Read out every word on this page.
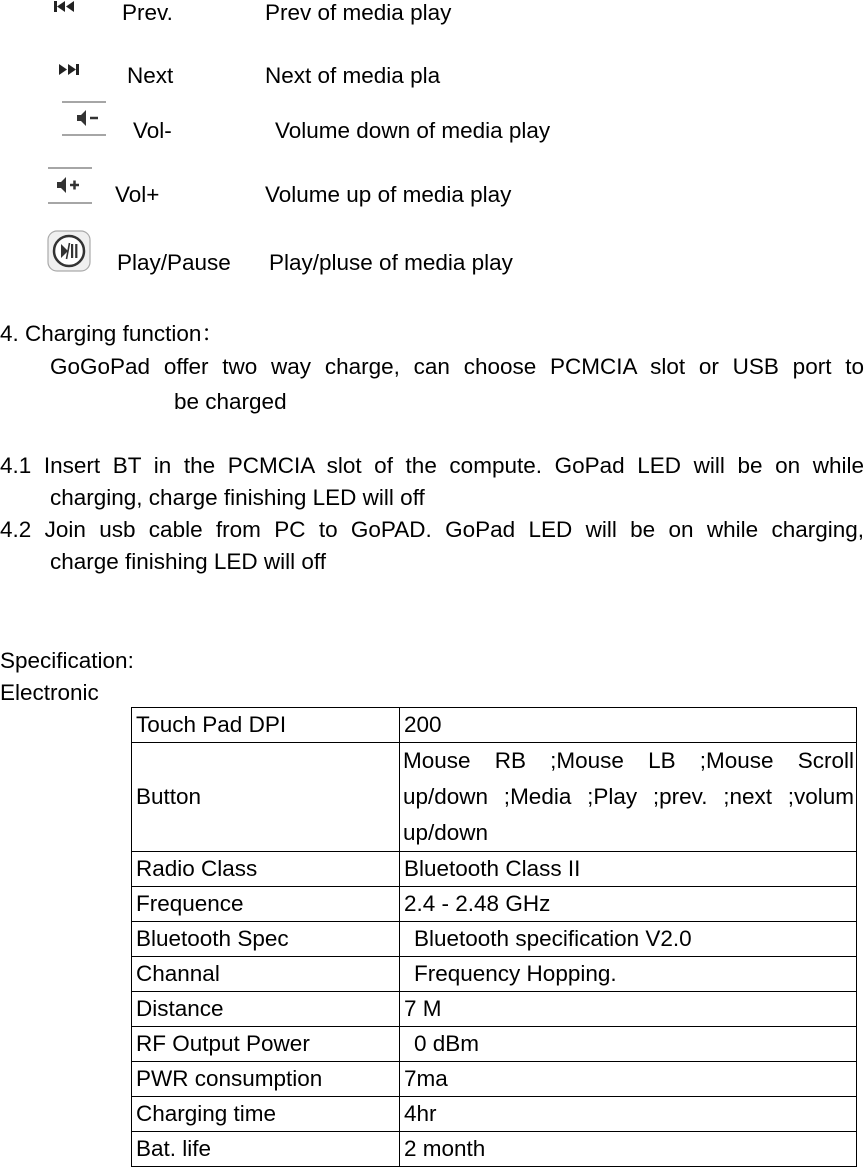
Prev.	Prev of media play
Next	Next of media pla
Vol-	Volume down of media play
Vol+	Volume up of media play
Play/Pause Play/pluse of media play
4. Charging function：
GoGoPad offer two way charge, can choose PCMCIA slot or USB port to
be charged
4.1 Insert BT in the PCMCIA slot of the compute. GoPad LED will be on while
charging, charge finishing LED will off
4.2 Join usb cable from PC to GoPAD. GoPad LED will be on while charging,
charge finishing LED will off
Specification:
Electronic
Touch Pad DPI	200
Button	Mouse RB ;Mouse LB ;Mouse Scroll
up/down ;Media ;Play ;prev. ;next ;volum
up/down

Radio Class	Bluetooth Class II
Frequence	2.4 - 2.48 GHz
Bluetooth Spec	Bluetooth specification V2.0
Channal	Frequency Hopping.
Distance	7 M
RF Output Power	0 dBm
PWR consumption	7ma
Charging time	4hr
Bat. life	2 month
